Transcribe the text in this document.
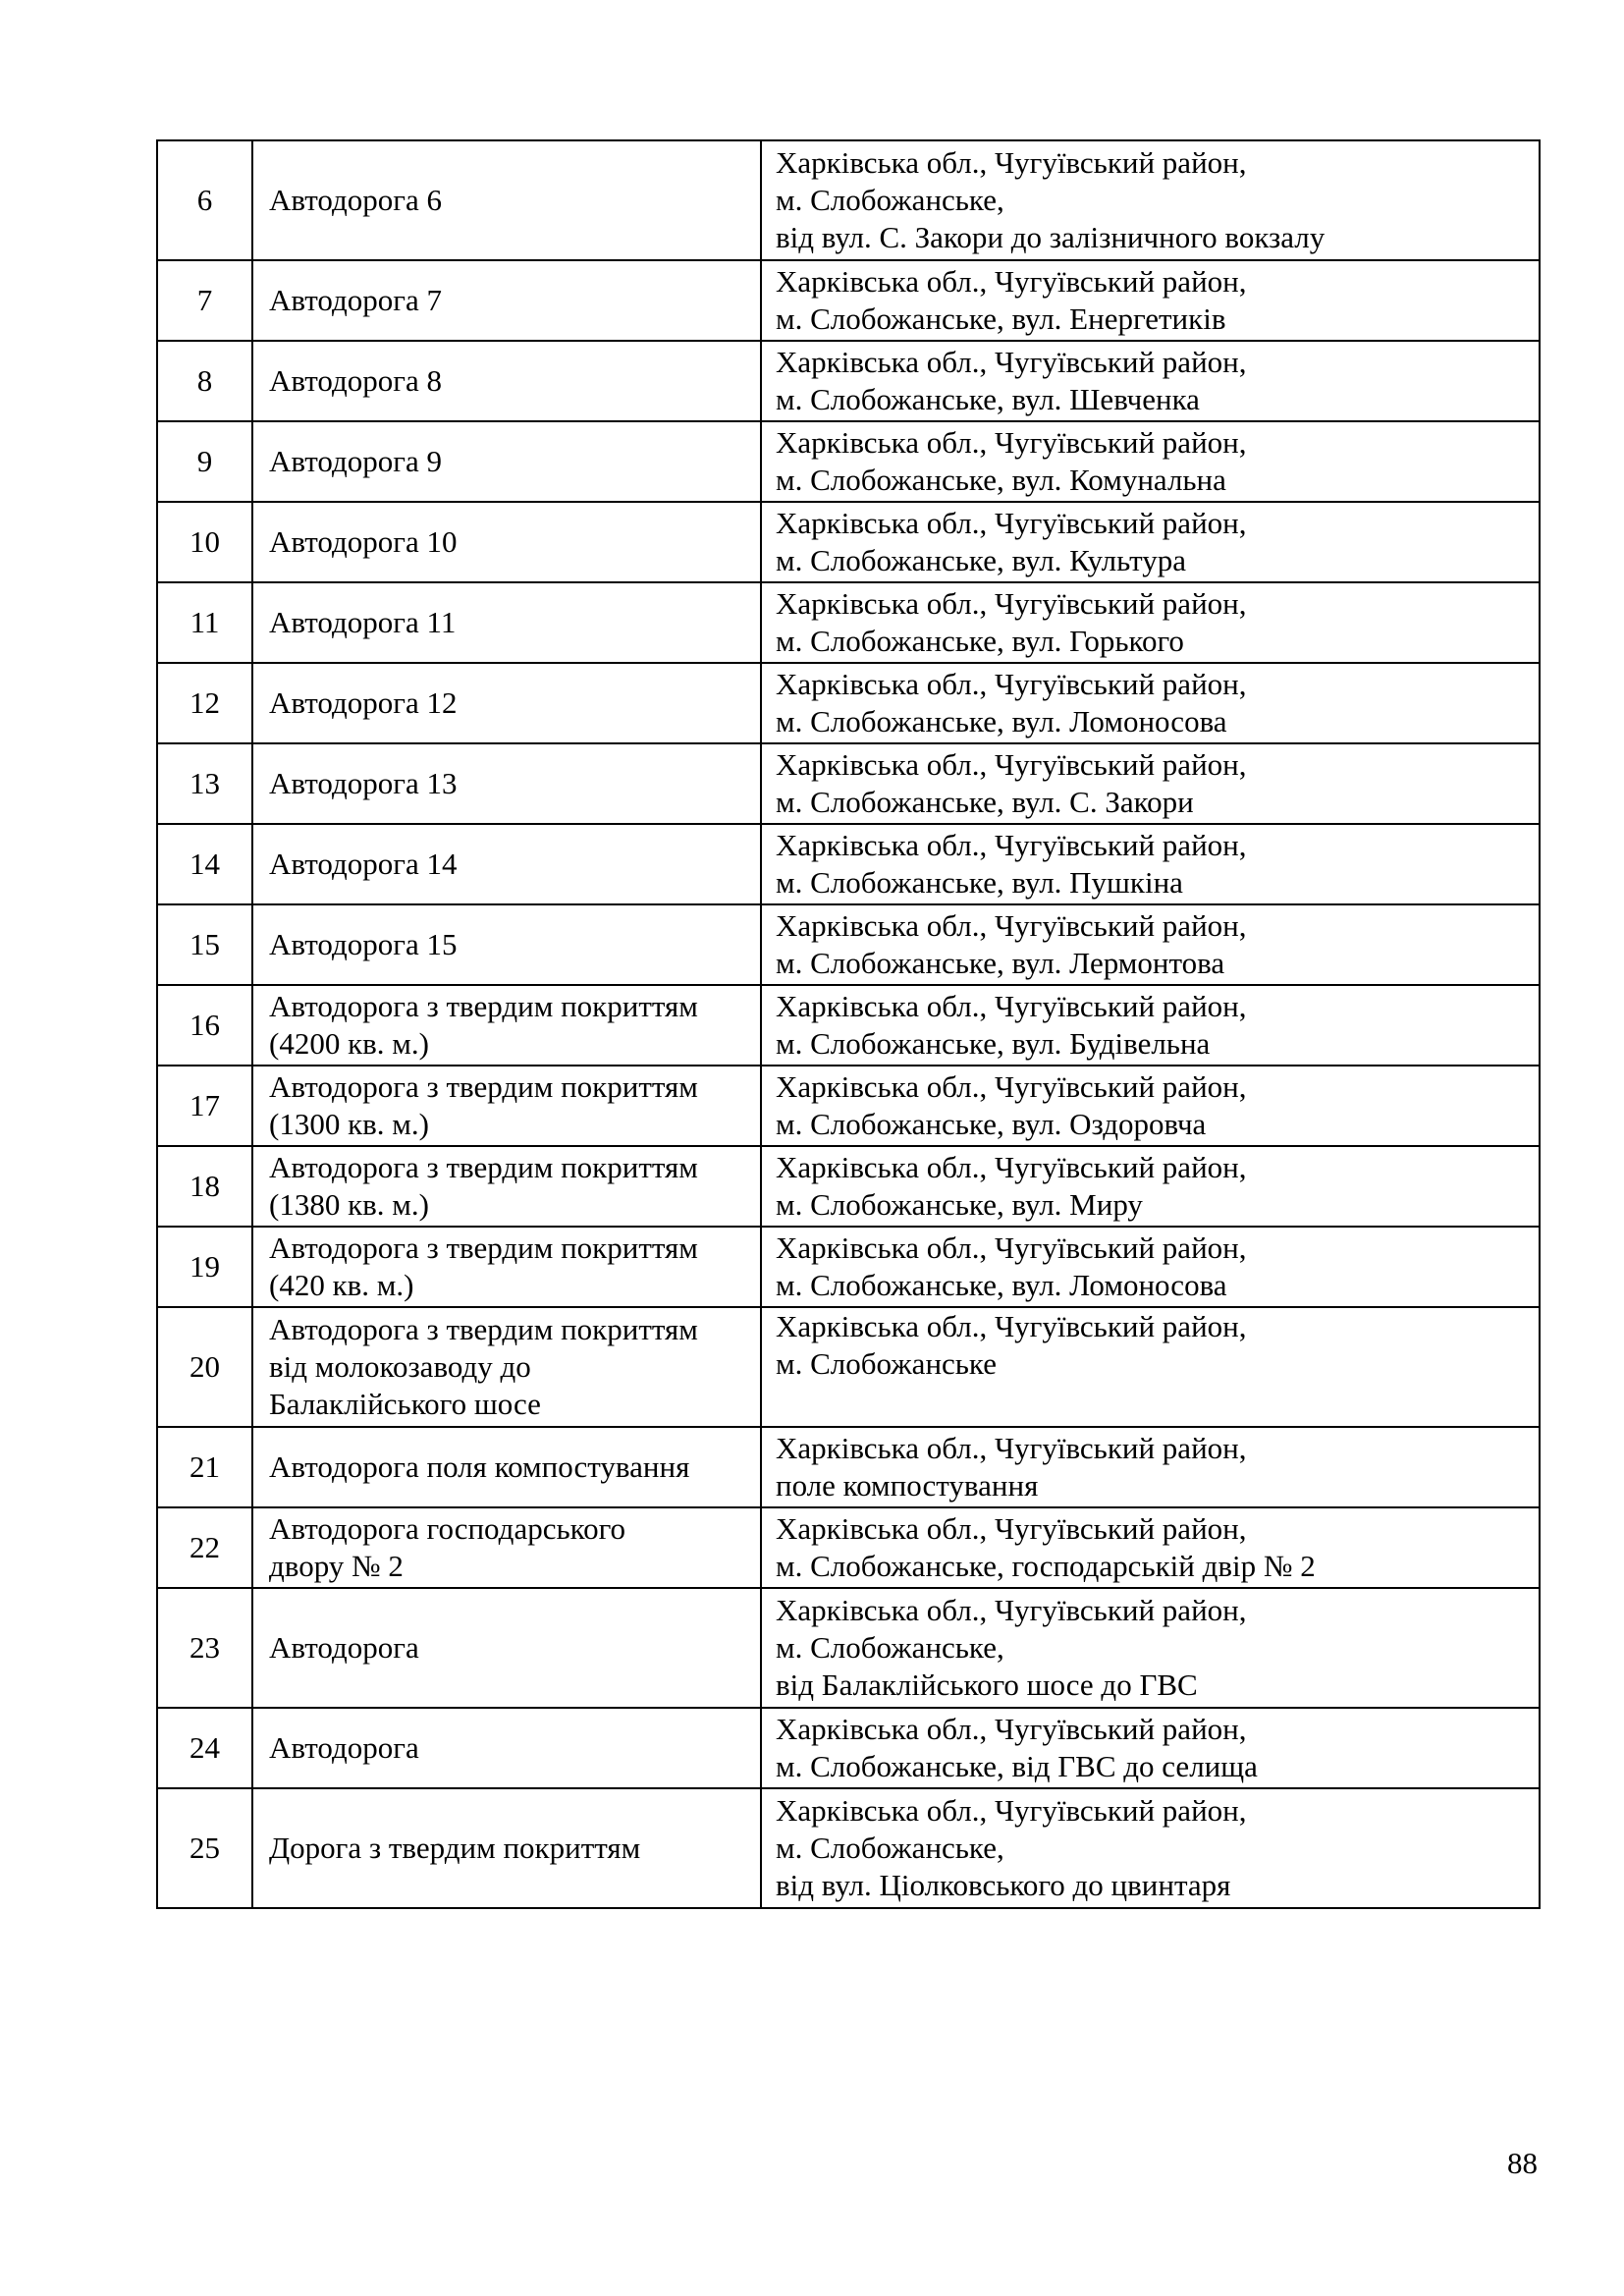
6	Автодорога 6	Харківська обл., Чугуївський район,
м. Слобожанське,
від вул. С. Закори до залізничного вокзалу

7	Автодорога 7	Харківська обл., Чугуївський район,
м. Слобожанське, вул. Енергетиків

8	Автодорога 8	Харківська обл., Чугуївський район,
м. Слобожанське, вул. Шевченка

9	Автодорога 9	Харківська обл., Чугуївський район,
м. Слобожанське, вул. Комунальна

10	Автодорога 10	Харківська обл., Чугуївський район,
м. Слобожанське, вул. Культура

11	Автодорога 11	Харківська обл., Чугуївський район,
м. Слобожанське, вул. Горького

12	Автодорога 12	Харківська обл., Чугуївський район,
м. Слобожанське, вул. Ломоносова

13	Автодорога 13	Харківська обл., Чугуївський район,
м. Слобожанське, вул. С. Закори

14	Автодорога 14	Харківська обл., Чугуївський район,
м. Слобожанське, вул. Пушкіна

15	Автодорога 15	Харківська обл., Чугуївський район,
м. Слобожанське, вул. Лермонтова

16	Автодорога з твердим покриттям
(4200 кв. м.)	Харківська обл., Чугуївський район,
м. Слобожанське, вул. Будівельна

17	Автодорога з твердим покриттям
(1300 кв. м.)	Харківська обл., Чугуївський район,
м. Слобожанське, вул. Оздоровча

18	Автодорога з твердим покриттям
(1380 кв. м.)	Харківська обл., Чугуївський район,
м. Слобожанське, вул. Миру

19	Автодорога з твердим покриттям
(420 кв. м.)	Харківська обл., Чугуївський район,
м. Слобожанське, вул. Ломоносова

20	Автодорога з твердим покриттям
від молокозаводу до
Балаклійського шосе	Харківська обл., Чугуївський район,
м. Слобожанське

21	Автодорога поля компостування	Харківська обл., Чугуївський район,
поле компостування

22	Автодорога господарського
двору № 2	Харківська обл., Чугуївський район,
м. Слобожанське, господарськiй двiр № 2

23	Автодорога	Харківська обл., Чугуївський район,
м. Слобожанське,
від Балаклійського шосе до ГВС

24	Автодорога	Харківська обл., Чугуївський район,
м. Слобожанське, від ГВС до селища

25	Дорога з твердим покриттям	Харківська обл., Чугуївський район,
м. Слобожанське,
від вул. Ціолковського до цвинтаря
88
